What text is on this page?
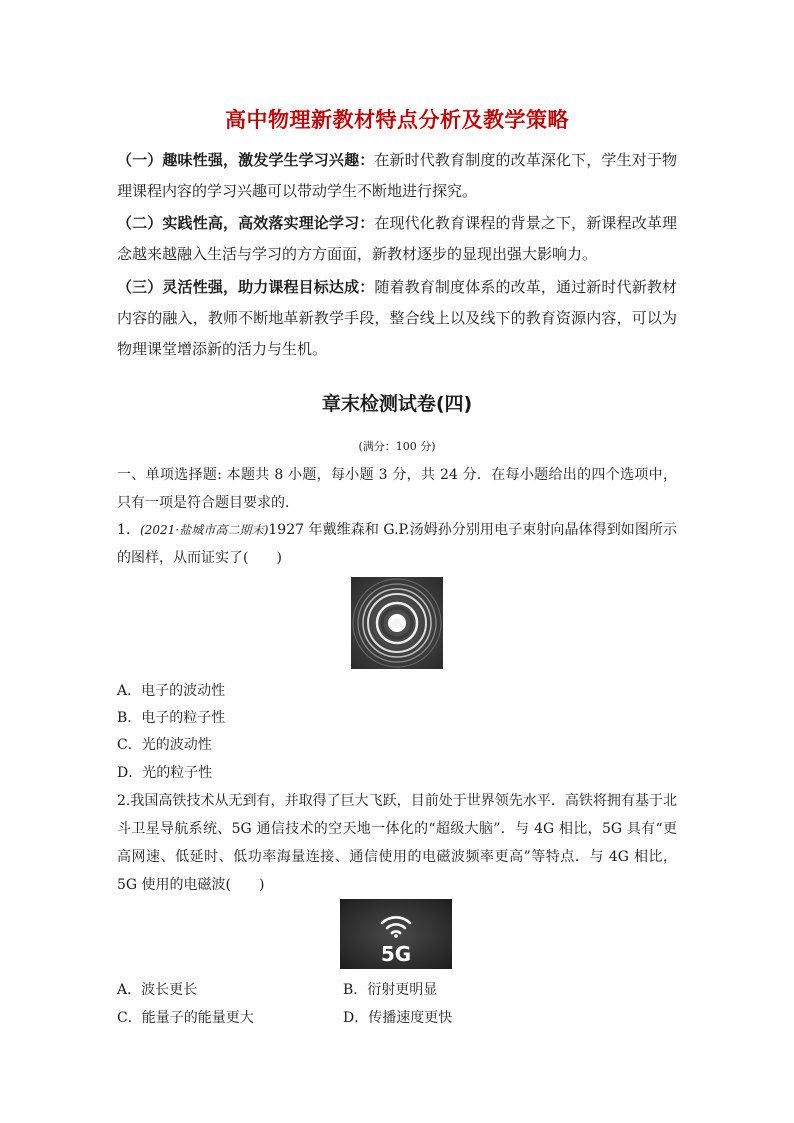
高中物理新教材特点分析及教学策略
（一）趣味性强，激发学生学习兴趣：在新时代教育制度的改革深化下，学生对于物理课程内容的学习兴趣可以带动学生不断地进行探究。
（二）实践性高，高效落实理论学习：在现代化教育课程的背景之下，新课程改革理念越来越融入生活与学习的方方面面，新教材逐步的显现出强大影响力。
（三）灵活性强，助力课程目标达成：随着教育制度体系的改革，通过新时代新教材内容的融入，教师不断地革新教学手段，整合线上以及线下的教育资源内容，可以为物理课堂增添新的活力与生机。
章末检测试卷(四)
(满分：100 分)
一、单项选择题: 本题共 8 小题，每小题 3 分，共 24 分．在每小题给出的四个选项中，只有一项是符合题目要求的．
1．(2021·盐城市高二期末)1927 年戴维森和 G.P.汤姆孙分别用电子束射向晶体得到如图所示的图样，从而证实了(　　)
A．电子的波动性
B．电子的粒子性
C．光的波动性
D．光的粒子性
2.我国高铁技术从无到有，并取得了巨大飞跃，目前处于世界领先水平．高铁将拥有基于北斗卫星导航系统、5G 通信技术的空天地一体化的“超级大脑”．与 4G 相比，5G 具有“更高网速、低延时、低功率海量连接、通信使用的电磁波频率更高”等特点．与 4G 相比，5G 使用的电磁波(　　)
5G
A．波长更长	B．衍射更明显
C．能量子的能量更大	D．传播速度更快
